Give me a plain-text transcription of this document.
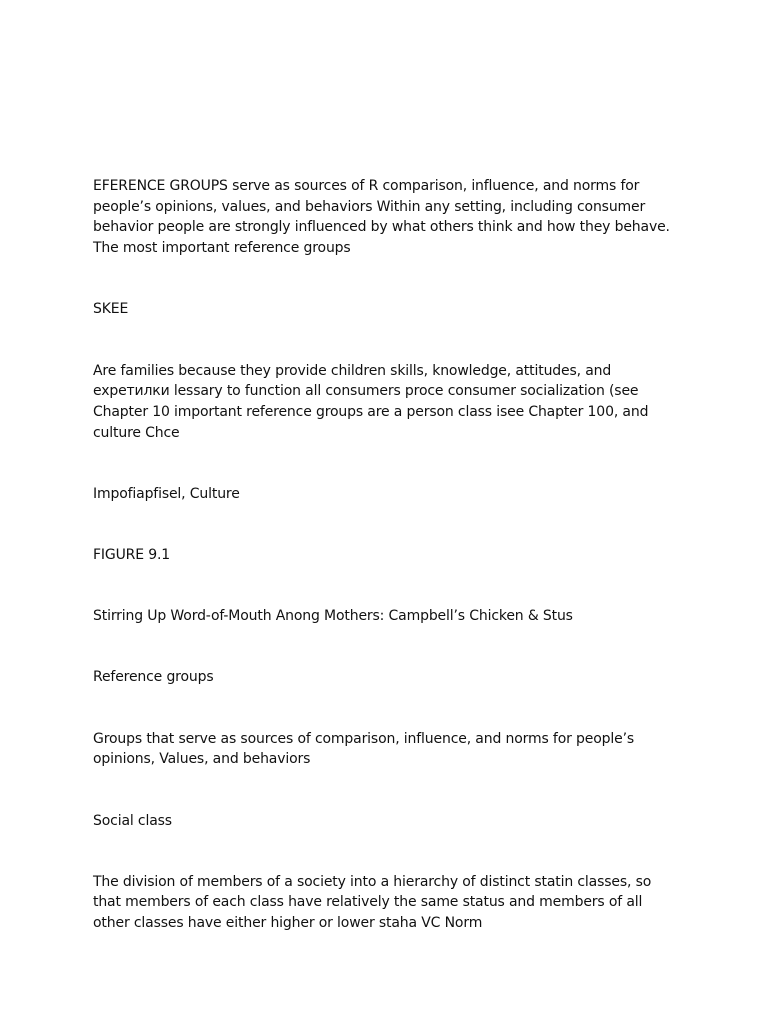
EFERENCE GROUPS serve as sources of R comparison, influence, and norms for people’s opinions, values, and behaviors Within any setting, including consumer behavior people are strongly influenced by what others think and how they behave. The most important reference groups

SKEE

Are families because they provide children skills, knowledge, attitudes, and expeтилки lessary to function all consumers proce consumer socialization (see Chapter 10 important reference groups are a person class isee Chapter 100, and culture Chce

Impofiapfisel, Culture

FIGURE 9.1

Stirring Up Word-of-Mouth Anong Mothers: Campbell’s Chicken & Stus

Reference groups

Groups that serve as sources of comparison, influence, and norms for people’s opinions, Values, and behaviors

Social class

The division of members of a society into a hierarchy of distinct statin classes, so that members of each class have relatively the same status and members of all other classes have either higher or lower staha VC Norm
